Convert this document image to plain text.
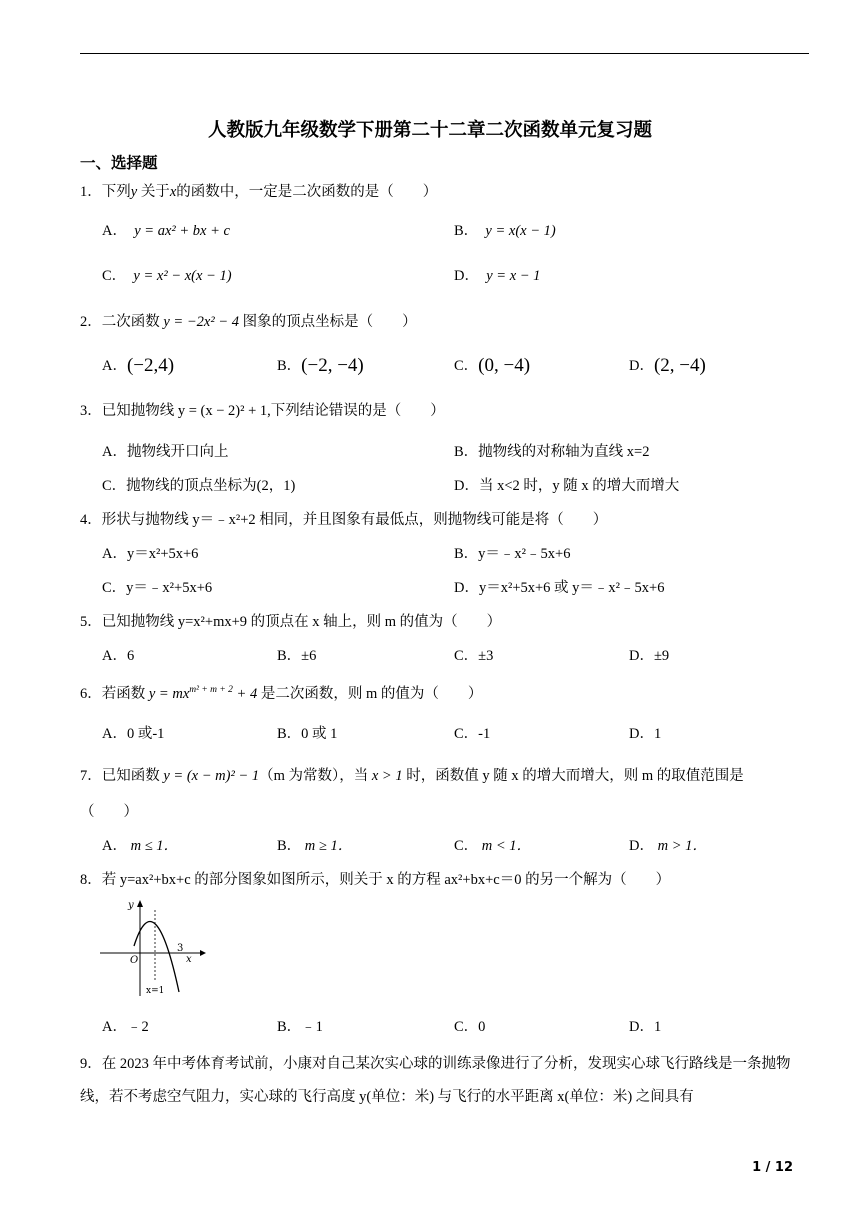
人教版九年级数学下册第二十二章二次函数单元复习题
一、选择题
1．下列y 关于x的函数中，一定是二次函数的是（　　）
A． y = ax² + bx + c	B． y = x(x − 1)
C． y = x² − x(x − 1)	D． y = x − 1
2．二次函数 y = −2x² − 4 图象的顶点坐标是（　　）
A．(−2,4)	B．(−2, −4)	C．(0, −4)	D．(2, −4)
3．已知抛物线 y = (x − 2)² + 1,下列结论错误的是（　　）
A．抛物线开口向上	B．抛物线的对称轴为直线 x=2
C．抛物线的顶点坐标为(2，1)	D．当 x<2 时，y 随 x 的增大而增大
4．形状与抛物线 y＝﹣x²+2 相同，并且图象有最低点，则抛物线可能是将（　　）
A．y＝x²+5x+6	B．y＝﹣x²﹣5x+6
C．y＝﹣x²+5x+6	D．y＝x²+5x+6 或 y＝﹣x²﹣5x+6
5．已知抛物线 y=x²+mx+9 的顶点在 x 轴上，则 m 的值为（　　）
A．6	B．±6	C．±3	D．±9
6．若函数 $y = mx^{m^2 + m + 2} + 4$ 是二次函数，则 m 的值为（　　）
A．0 或-1	B．0 或 1	C．-1	D．1
7．已知函数 y = (x − m)² − 1（m 为常数），当 x > 1 时，函数值 y 随 x 的增大而增大，则 m 的取值范围是
（　　）
A． m ≤ 1．	B． m ≥ 1．	C． m < 1．	D． m > 1．
8．若 y=ax²+bx+c 的部分图象如图所示，则关于 x 的方程 ax²+bx+c＝0 的另一个解为（　　）
y
x
O
3
x=1
A．﹣2	B．﹣1	C．0	D．1
9．在 2023 年中考体育考试前，小康对自己某次实心球的训练录像进行了分析，发现实心球飞行路线是一条抛物线，若不考虑空气阻力，实心球的飞行高度 y(单位：米) 与飞行的水平距离 x(单位：米) 之间具有
1 / 12
